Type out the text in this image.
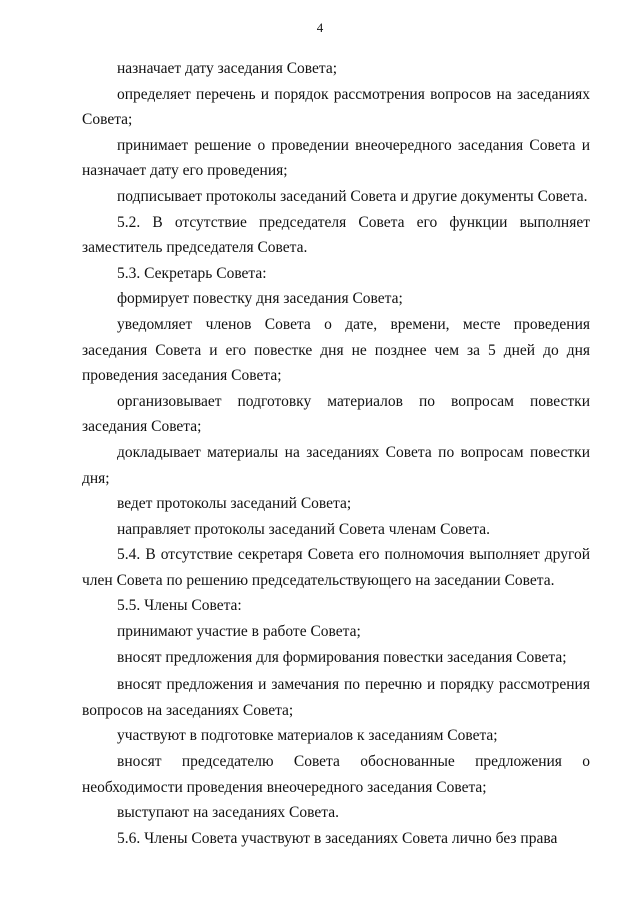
4

назначает дату заседания Совета;

определяет перечень и порядок рассмотрения вопросов на заседаниях Совета;

принимает решение о проведении внеочередного заседания Совета и назначает дату его проведения;

подписывает протоколы заседаний Совета и другие документы Совета.

5.2. В отсутствие председателя Совета его функции выполняет заместитель председателя Совета.

5.3. Секретарь Совета:

формирует повестку дня заседания Совета;

уведомляет членов Совета о дате, времени, месте проведения заседания Совета и его повестке дня не позднее чем за 5 дней до дня проведения заседания Совета;

организовывает подготовку материалов по вопросам повестки заседания Совета;

докладывает материалы на заседаниях Совета по вопросам повестки дня;

ведет протоколы заседаний Совета;

направляет протоколы заседаний Совета членам Совета.

5.4. В отсутствие секретаря Совета его полномочия выполняет другой член Совета по решению председательствующего на заседании Совета.

5.5. Члены Совета:

принимают участие в работе Совета;

вносят предложения для формирования повестки заседания Совета;

вносят предложения и замечания по перечню и порядку рассмотрения вопросов на заседаниях Совета;

участвуют в подготовке материалов к заседаниям Совета;

вносят председателю Совета обоснованные предложения о необходимости проведения внеочередного заседания Совета;

выступают на заседаниях Совета.

5.6. Члены Совета участвуют в заседаниях Совета лично без права
